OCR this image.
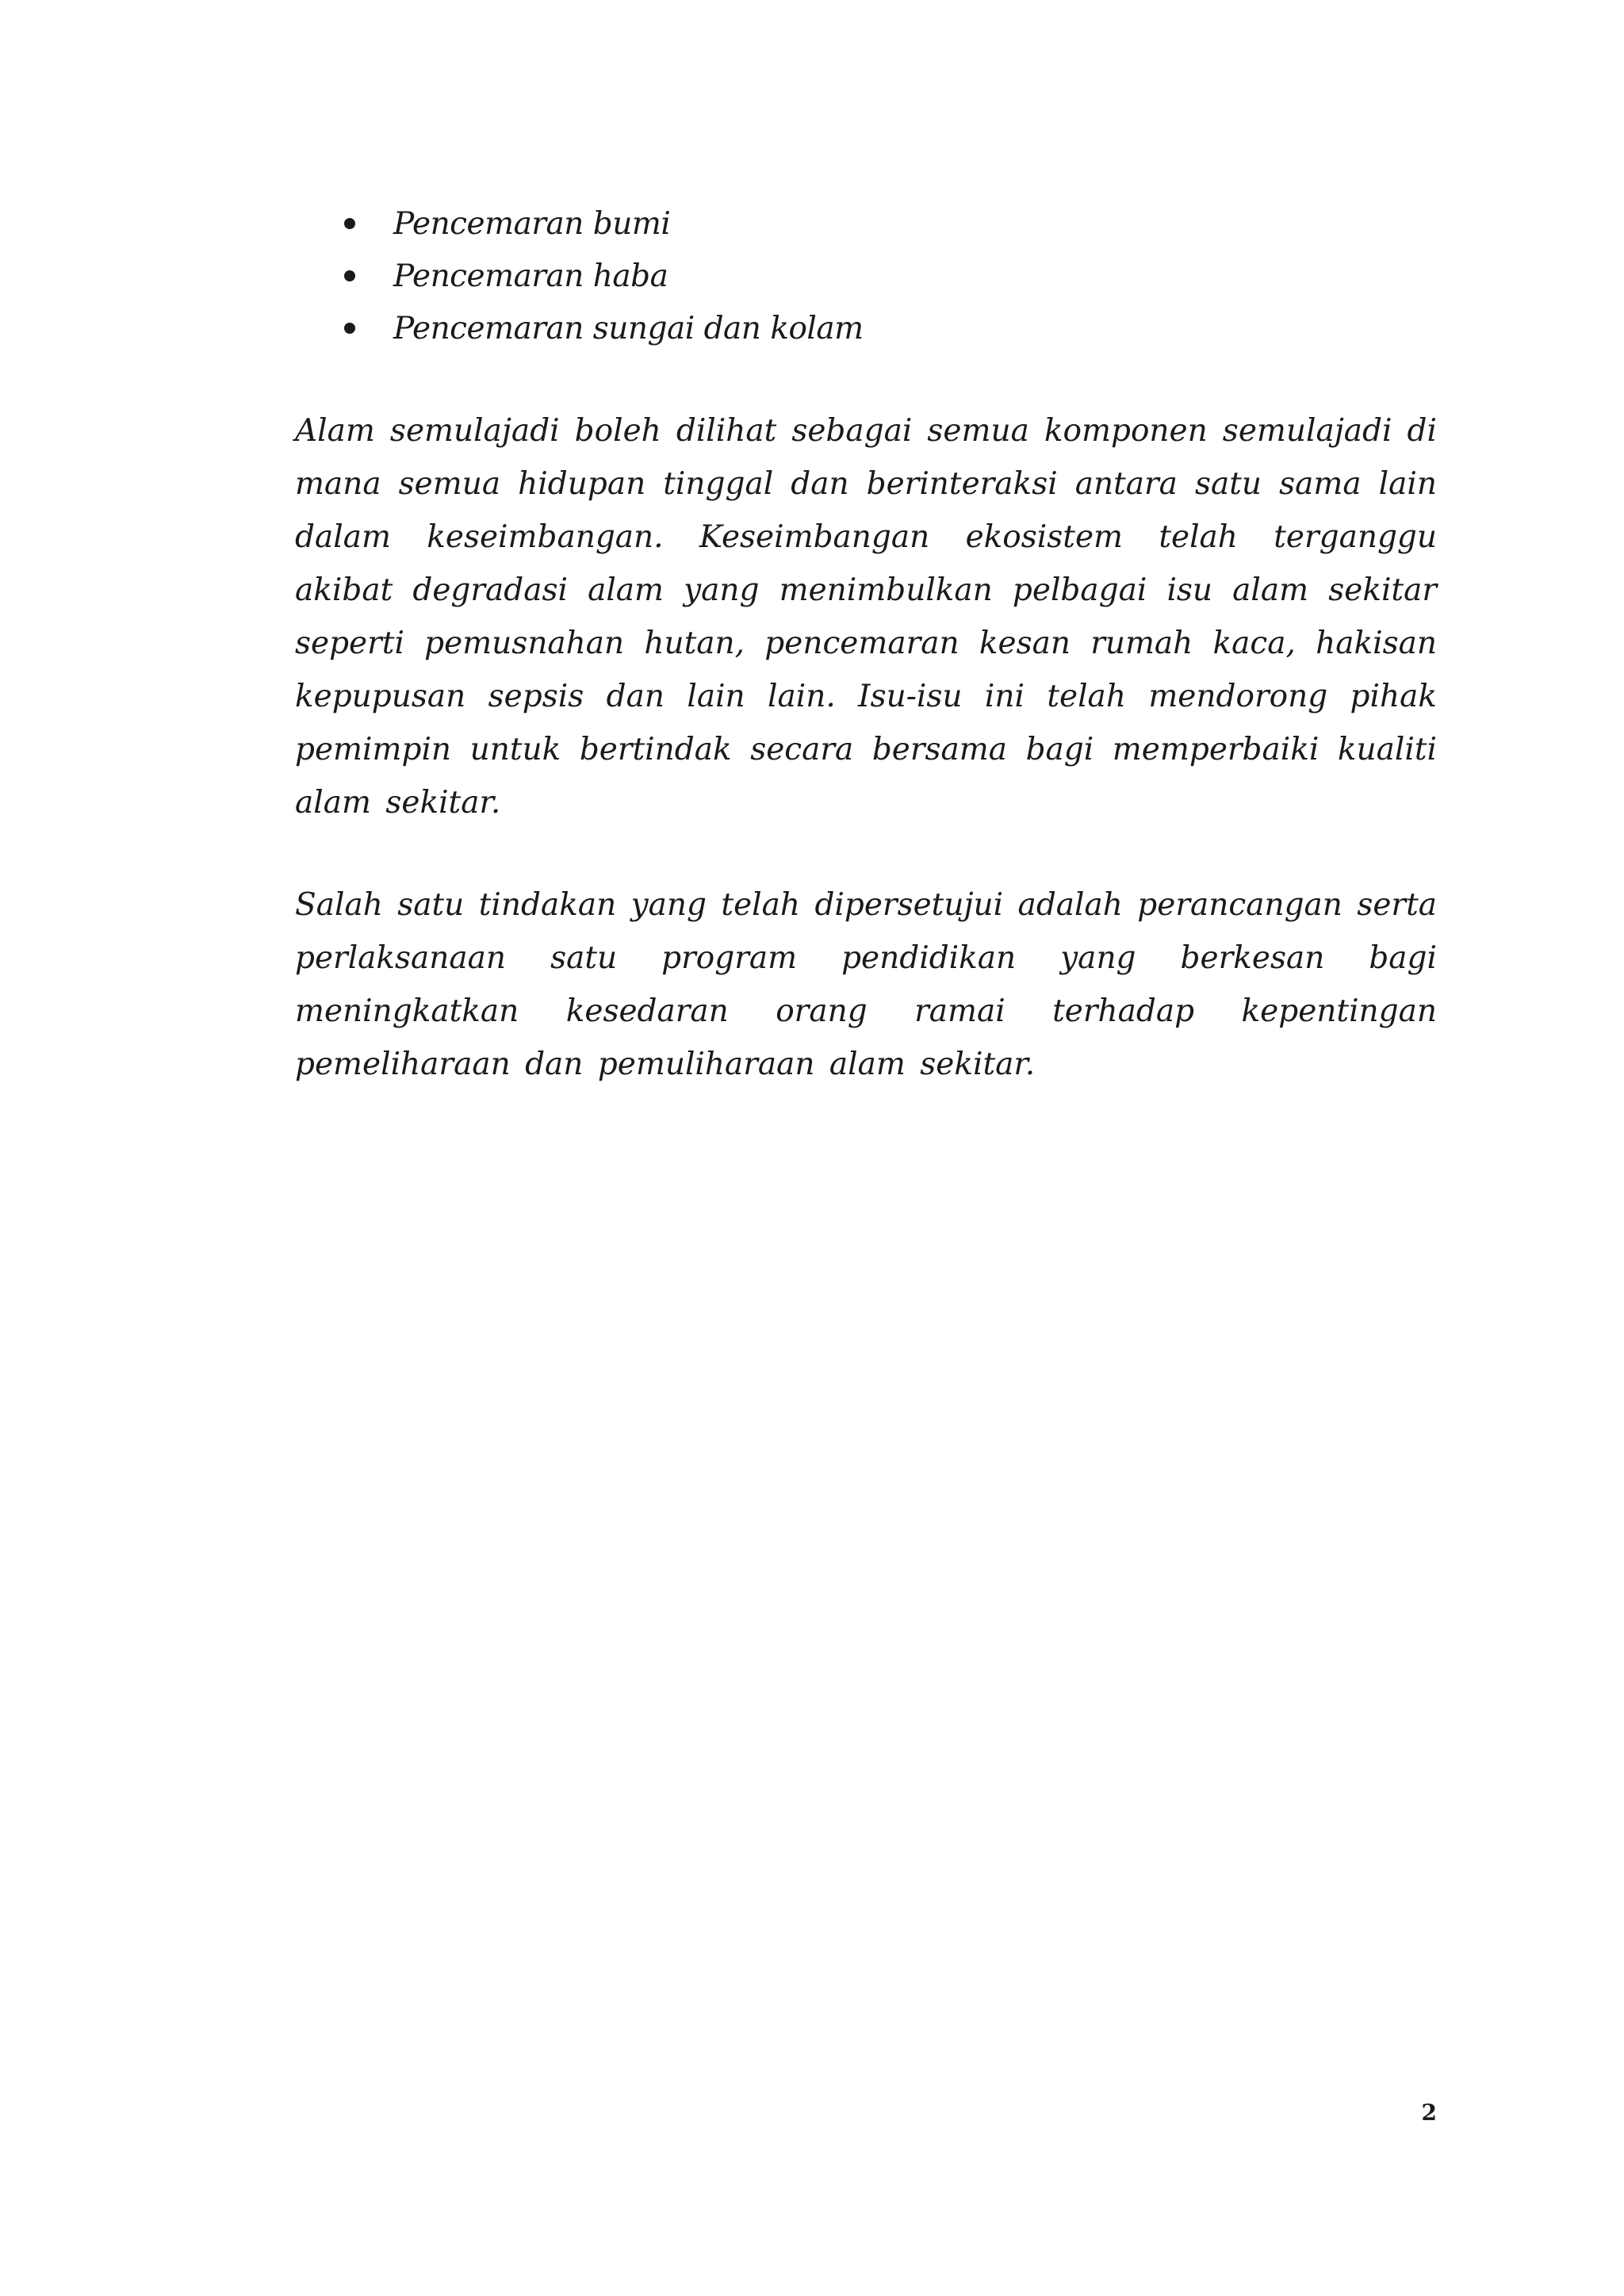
Pencemaran bumi
Pencemaran haba
Pencemaran sungai dan kolam

Alam semulajadi boleh dilihat sebagai semua komponen semulajadi di mana semua hidupan tinggal dan berinteraksi antara satu sama lain dalam keseimbangan. Keseimbangan ekosistem telah terganggu akibat degradasi alam yang menimbulkan pelbagai isu alam sekitar seperti pemusnahan hutan, pencemaran kesan rumah kaca, hakisan kepupusan sepsis dan lain lain. Isu-isu ini telah mendorong pihak pemimpin untuk bertindak secara bersama bagi memperbaiki kualiti alam sekitar.

Salah satu tindakan yang telah dipersetujui adalah perancangan serta perlaksanaan satu program pendidikan yang berkesan bagi meningkatkan kesedaran orang ramai terhadap kepentingan pemeliharaan dan pemuliharaan alam sekitar.

2
